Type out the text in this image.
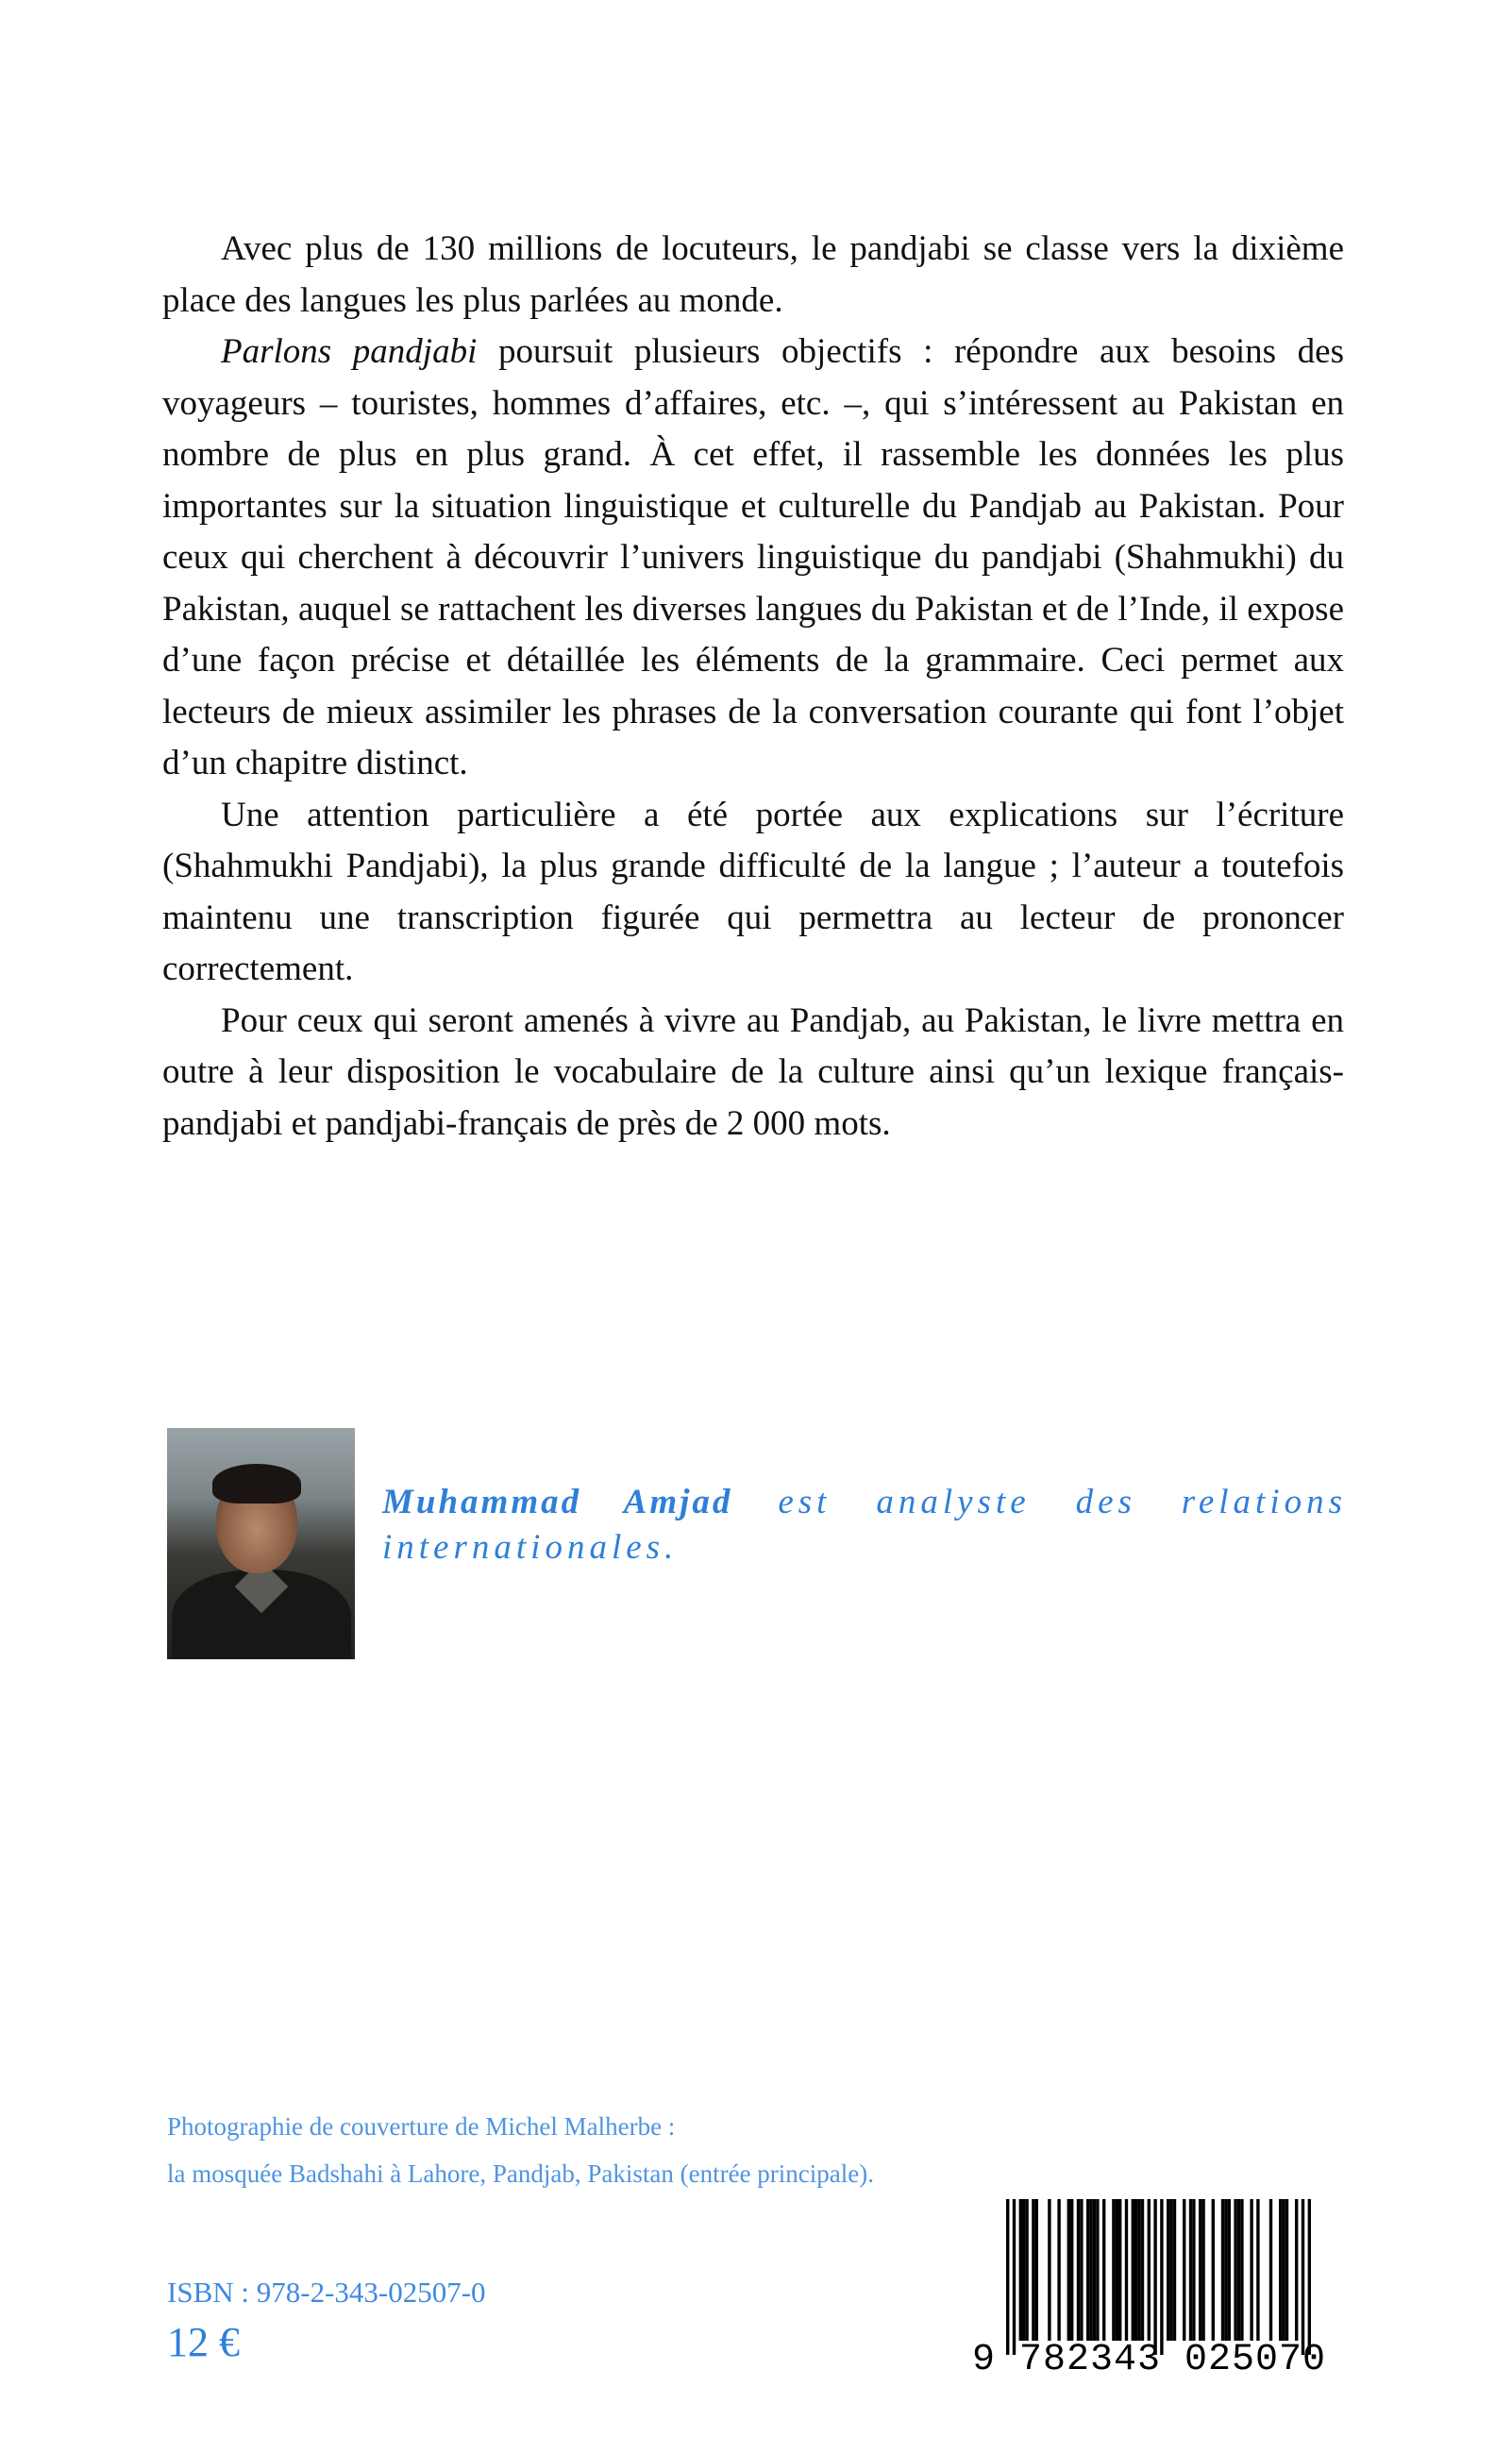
Avec plus de 130 millions de locuteurs, le pandjabi se classe vers la dixième place des langues les plus parlées au monde.

Parlons pandjabi poursuit plusieurs objectifs : répondre aux besoins des voyageurs – touristes, hommes d’affaires, etc. –, qui s’intéressent au Pakistan en nombre de plus en plus grand. À cet effet, il rassemble les données les plus importantes sur la situation linguistique et culturelle du Pandjab au Pakistan. Pour ceux qui cherchent à découvrir l’univers linguistique du pandjabi (Shahmukhi) du Pakistan, auquel se rattachent les diverses langues du Pakistan et de l’Inde, il expose d’une façon précise et détaillée les éléments de la grammaire. Ceci permet aux lecteurs de mieux assimiler les phrases de la conversation courante qui font l’objet d’un chapitre distinct.

Une attention particulière a été portée aux explications sur l’écriture (Shahmukhi Pandjabi), la plus grande difficulté de la langue ; l’auteur a toutefois maintenu une transcription figurée qui permettra au lecteur de prononcer correctement.

Pour ceux qui seront amenés à vivre au Pandjab, au Pakistan, le livre mettra en outre à leur disposition le vocabulaire de la culture ainsi qu’un lexique français-pandjabi et pandjabi-français de près de 2 000 mots.

Muhammad Amjad est analyste des relations internationales.
Photographie de couverture de Michel Malherbe :
la mosquée Badshahi à Lahore, Pandjab, Pakistan (entrée principale).
ISBN : 978-2-343-02507-0
12 €	9 782343 025070
